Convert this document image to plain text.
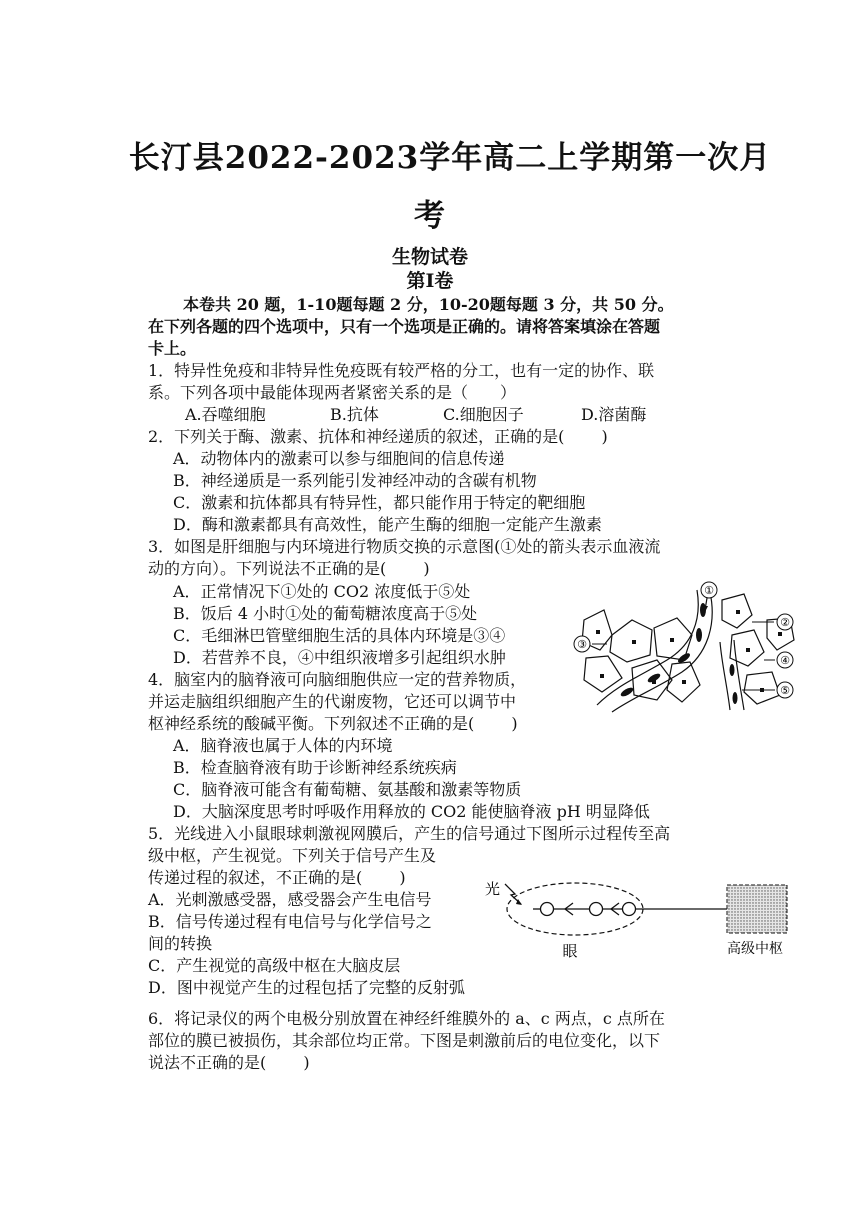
长汀县2022-2023学年高二上学期第一次月
考
生物试卷
第Ⅰ卷
本卷共 20 题，1-10题每题 2 分，10-20题每题 3 分，共 50 分。
在下列各题的四个选项中，只有一个选项是正确的。请将答案填涂在答题
卡上。
1．特异性免疫和非特异性免疫既有较严格的分工，也有一定的协作、联
系。下列各项中最能体现两者紧密关系的是（　　）
A.吞噬细胞	B.抗体	C.细胞因子	D.溶菌酶
2．下列关于酶、激素、抗体和神经递质的叙述，正确的是(　　 )
A．动物体内的激素可以参与细胞间的信息传递
B．神经递质是一系列能引发神经冲动的含碳有机物
C．激素和抗体都具有特异性，都只能作用于特定的靶细胞
D．酶和激素都具有高效性，能产生酶的细胞一定能产生激素
3．如图是肝细胞与内环境进行物质交换的示意图(①处的箭头表示血液流
动的方向）。下列说法不正确的是(　　 )
A．正常情况下①处的 CO2 浓度低于⑤处
B．饭后 4 小时①处的葡萄糖浓度高于⑤处
C．毛细淋巴管壁细胞生活的具体内环境是③④
D．若营养不良，④中组织液增多引起组织水肿
①
②
③
④
⑤
4．脑室内的脑脊液可向脑细胞供应一定的营养物质，
并运走脑组织细胞产生的代谢废物，它还可以调节中
枢神经系统的酸碱平衡。下列叙述不正确的是(　　 )
A．脑脊液也属于人体的内环境
B．检查脑脊液有助于诊断神经系统疾病
C．脑脊液可能含有葡萄糖、氨基酸和激素等物质
D．大脑深度思考时呼吸作用释放的 CO2 能使脑脊液 pH 明显降低
5．光线进入小鼠眼球刺激视网膜后，产生的信号通过下图所示过程传至高
级中枢，产生视觉。下列关于信号产生及
传递过程的叙述，不正确的是(　　 )
A．光刺激感受器，感受器会产生电信号
B．信号传递过程有电信号与化学信号之
间的转换
C．产生视觉的高级中枢在大脑皮层
D．图中视觉产生的过程包括了完整的反射弧
光
眼	高级中枢
6．将记录仪的两个电极分别放置在神经纤维膜外的 a、c 两点，c 点所在
部位的膜已被损伤，其余部位均正常。下图是刺激前后的电位变化，以下
说法不正确的是(　　 )
